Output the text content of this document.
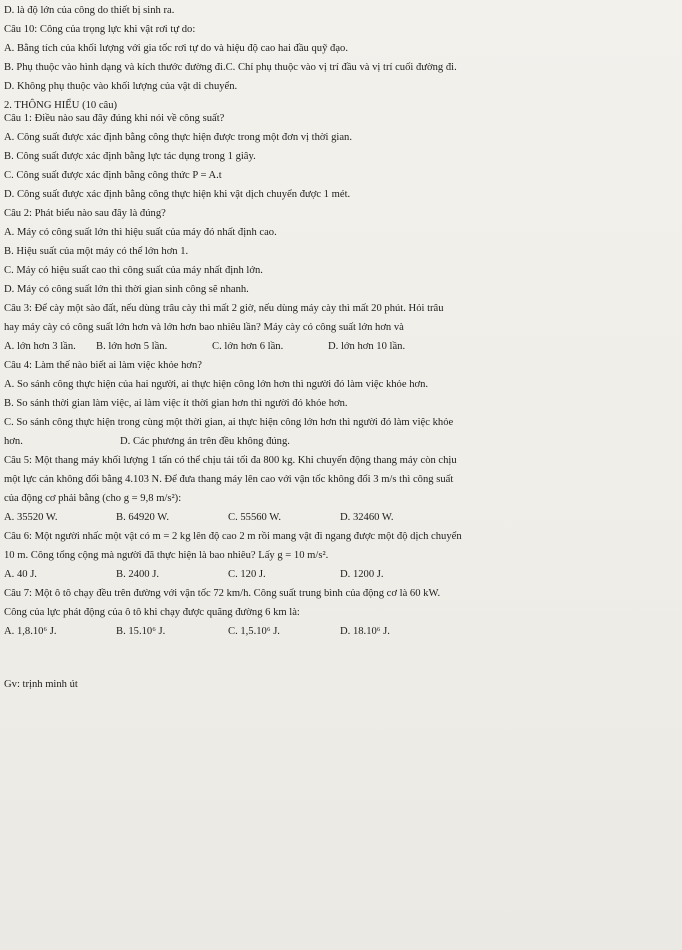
D. là độ lớn của công do thiết bị sinh ra.

Câu 10: Công của trọng lực khi vật rơi tự do:

A. Bằng tích của khối lượng với gia tốc rơi tự do và hiệu độ cao hai đầu quỹ đạo.

B. Phụ thuộc vào hình dạng và kích thước đường đi.C. Chỉ phụ thuộc vào vị trí đầu và vị trí cuối đường đi.

D. Không phụ thuộc vào khối lượng của vật di chuyển.

2. THÔNG HIỂU (10 câu)

Câu 1: Điều nào sau đây đúng khi nói về công suất?

A. Công suất được xác định bằng công thực hiện được trong một đơn vị thời gian.

B. Công suất được xác định bằng lực tác dụng trong 1 giây.

C. Công suất được xác định bằng công thức P = A.t

D. Công suất được xác định bằng công thực hiện khi vật dịch chuyển được 1 mét.

Câu 2: Phát biểu nào sau đây là đúng?

A. Máy có công suất lớn thì hiệu suất của máy đó nhất định cao.

B. Hiệu suất của một máy có thể lớn hơn 1.

C. Máy có hiệu suất cao thì công suất của máy nhất định lớn.

D. Máy có công suất lớn thì thời gian sinh công sẽ nhanh.

Câu 3: Để cày một sào đất, nếu dùng trâu cày thì mất 2 giờ, nếu dùng máy cày thì mất 20 phút. Hỏi trâu

hay máy cày có công suất lớn hơn và lớn hơn bao nhiêu lần? Máy cày có công suất lớn hơn và

A. lớn hơn 3 lần.	B. lớn hơn 5 lần.	C. lớn hơn 6 lần.	D. lớn hơn 10 lần.

Câu 4: Làm thế nào biết ai làm việc khỏe hơn?

A. So sánh công thực hiện của hai người, ai thực hiện công lớn hơn thì người đó làm việc khỏe hơn.

B. So sánh thời gian làm việc, ai làm việc ít thời gian hơn thì người đó khỏe hơn.

C. So sánh công thực hiện trong cùng một thời gian, ai thực hiện công lớn hơn thì người đó làm việc khỏe

hơn.	D. Các phương án trên đều không đúng.

Câu 5: Một thang máy khối lượng 1 tấn có thể chịu tải tối đa 800 kg. Khi chuyển động thang máy còn chịu

một lực cản không đổi bằng 4.103 N. Để đưa thang máy lên cao với vận tốc không đổi 3 m/s thì công suất

của động cơ phải bằng (cho g = 9,8 m/s²):

A. 35520 W.	B. 64920 W.	C. 55560 W.	D. 32460 W.

Câu 6: Một người nhấc một vật có m = 2 kg lên độ cao 2 m rồi mang vật đi ngang được một độ dịch chuyển

10 m. Công tổng cộng mà người đã thực hiện là bao nhiêu? Lấy g = 10 m/s².

A. 40 J.	B. 2400 J.	C. 120 J.	D. 1200 J.

Câu 7: Một ô tô chạy đều trên đường với vận tốc 72 km/h. Công suất trung bình của động cơ là 60 kW.

Công của lực phát động của ô tô khi chạy được quãng đường 6 km là:

A. 1,8.10⁶ J.	B. 15.10⁶ J.	C. 1,5.10⁶ J.	D. 18.10⁶ J.

Gv: trịnh minh út
